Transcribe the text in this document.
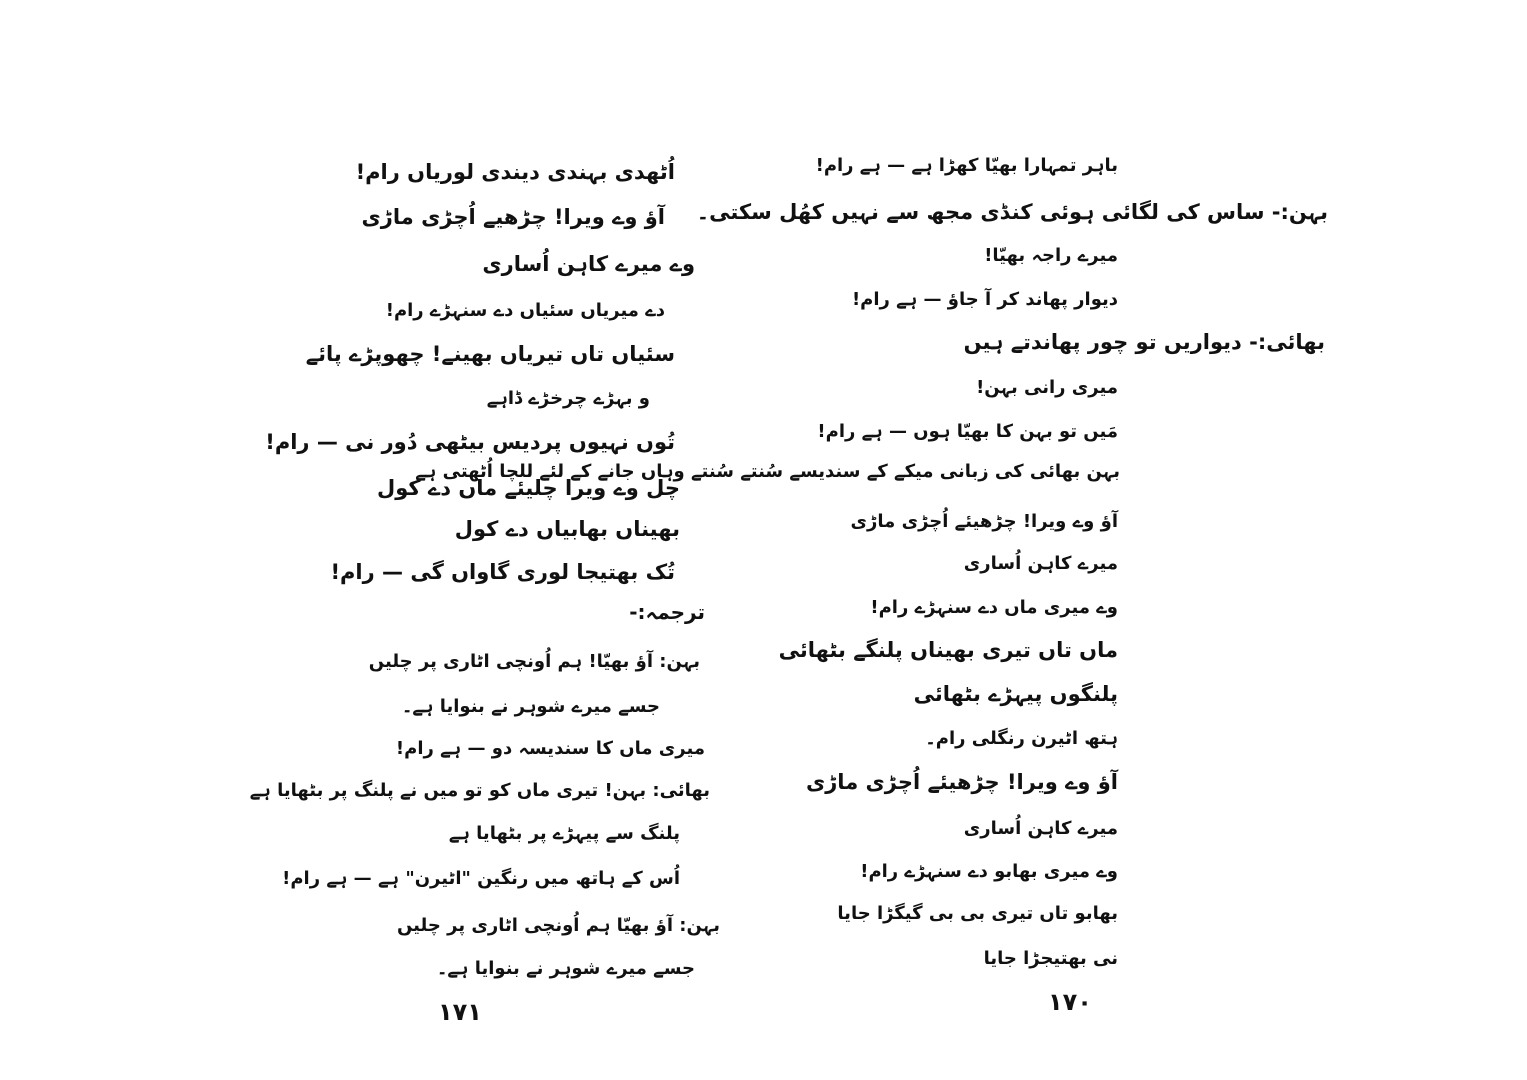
اُٹھدی بہندی دیندی لوریاں رام!
آؤ وے ویرا! چڑھیے اُچڑی ماڑی
وے میرے کاہن اُساری
دے میریاں سئیاں دے سنہڑے رام!
سئیاں تاں تیریاں بھینے! چھوپڑے پائے
و بہڑے چرخڑے ڈاہے
تُوں نہیوں پردیس بیٹھی دُور نی — رام!
چل وے ویرا چلیئے ماں دے کول
بھیناں بھابیاں دے کول
تُک بھتیجا لوری گاواں گی — رام!
ترجمہ:-
بہن: آؤ بھیّا! ہم اُونچی اٹاری پر چلیں
جسے میرے شوہر نے بنوایا ہے۔
میری ماں کا سندیسہ دو — ہے رام!
بھائی: بہن! تیری ماں کو تو میں نے پلنگ پر بٹھایا ہے
پلنگ سے پیہڑے پر بٹھایا ہے
اُس کے ہاتھ میں رنگین "اٹیرن" ہے — ہے رام!
بہن: آؤ بھیّا ہم اُونچی اٹاری پر چلیں
جسے میرے شوہر نے بنوایا ہے۔
۱۷۱
باہر تمہارا بھیّا کھڑا ہے — ہے رام!
بہن:- ساس کی لگائی ہوئی کنڈی مجھ سے نہیں کھُل سکتی۔
میرے راجہ بھیّا!
دیوار پھاند کر آ جاؤ — ہے رام!
بھائی:- دیواریں تو چور پھاندتے ہیں
میری رانی بہن!
مَیں تو بہن کا بھیّا ہوں — ہے رام!
بہن بھائی کی زبانی میکے کے سندیسے سُنتے سُنتے وہاں جانے کے لئے للچا اُٹھتی ہے
آؤ وے ویرا! چڑھیئے اُچڑی ماڑی
میرے کاہن اُساری
وے میری ماں دے سنہڑے رام!
ماں تاں تیری بھیناں پلنگے بٹھائی
پلنگوں پیہڑے بٹھائی
ہتھ اٹیرن رنگلی رام۔
آؤ وے ویرا! چڑھیئے اُچڑی ماڑی
میرے کاہن اُساری
وے میری بھابو دے سنہڑے رام!
بھابو تاں تیری بی بی گیگڑا جایا
نی بھتیجڑا جایا
۱۷۰
